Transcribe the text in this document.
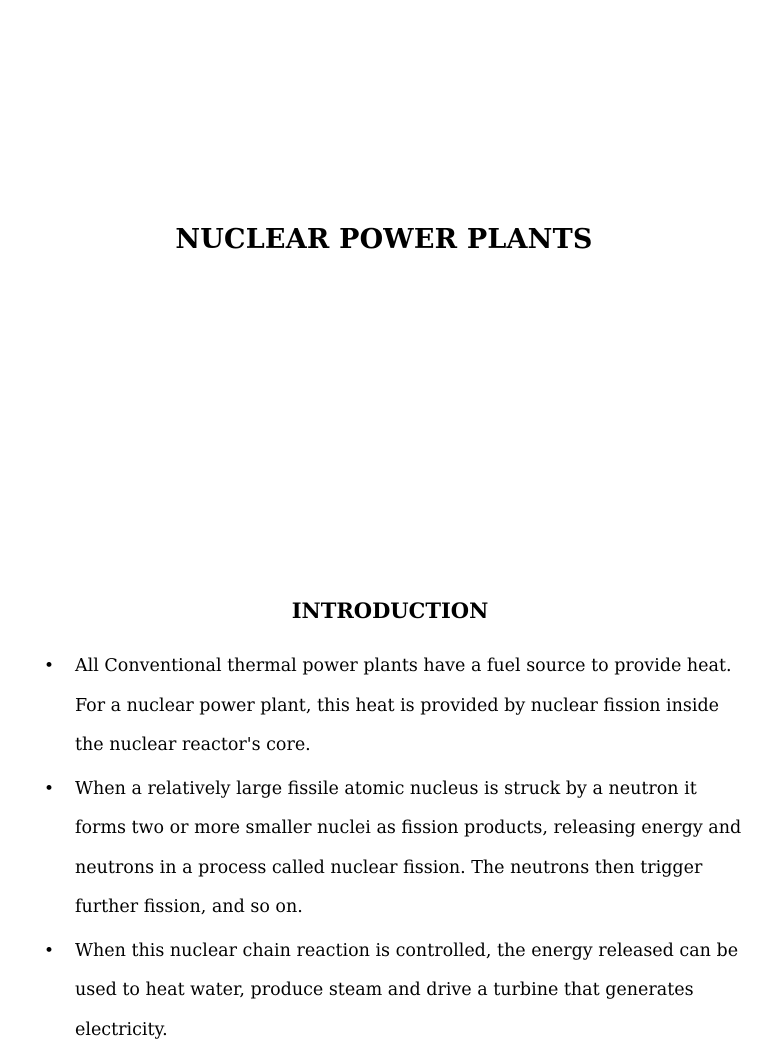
NUCLEAR POWER PLANTS
INTRODUCTION
• All Conventional thermal power plants have a fuel source to provide heat. For a nuclear power plant, this heat is provided by nuclear fission inside the nuclear reactor's core.
• When a relatively large fissile atomic nucleus is struck by a neutron it forms two or more smaller nuclei as fission products, releasing energy and neutrons in a process called nuclear fission. The neutrons then trigger further fission, and so on.
• When this nuclear chain reaction is controlled, the energy released can be used to heat water, produce steam and drive a turbine that generates electricity.
